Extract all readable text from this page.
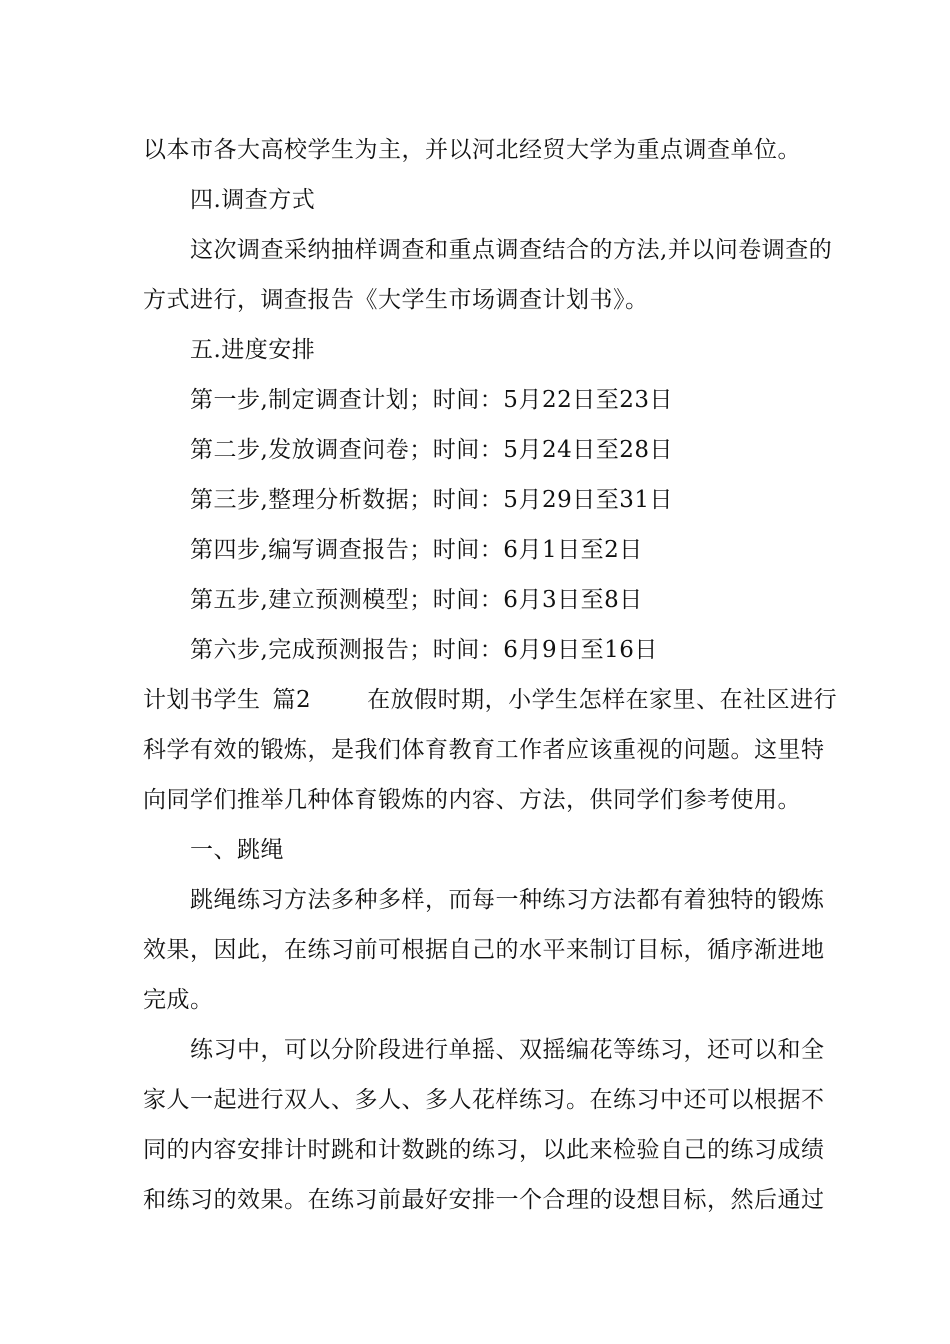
以本市各大高校学生为主，并以河北经贸大学为重点调查单位。
四.调查方式
这次调查采纳抽样调查和重点调查结合的方法,并以问卷调查的
方式进行，调查报告《大学生市场调查计划书》。
五.进度安排
第一步,制定调查计划；时间：5月22日至23日
第二步,发放调查问卷；时间：5月24日至28日
第三步,整理分析数据；时间：5月29日至31日
第四步,编写调查报告；时间：6月1日至2日
第五步,建立预测模型；时间：6月3日至8日
第六步,完成预测报告；时间：6月9日至16日
计划书学生 篇2 在放假时期，小学生怎样在家里、在社区进行
科学有效的锻炼，是我们体育教育工作者应该重视的问题。这里特
向同学们推举几种体育锻炼的内容、方法，供同学们参考使用。
一、跳绳
跳绳练习方法多种多样，而每一种练习方法都有着独特的锻炼
效果，因此，在练习前可根据自己的水平来制订目标，循序渐进地
完成。
练习中，可以分阶段进行单摇、双摇编花等练习，还可以和全
家人一起进行双人、多人、多人花样练习。在练习中还可以根据不
同的内容安排计时跳和计数跳的练习，以此来检验自己的练习成绩
和练习的效果。在练习前最好安排一个合理的设想目标，然后通过
